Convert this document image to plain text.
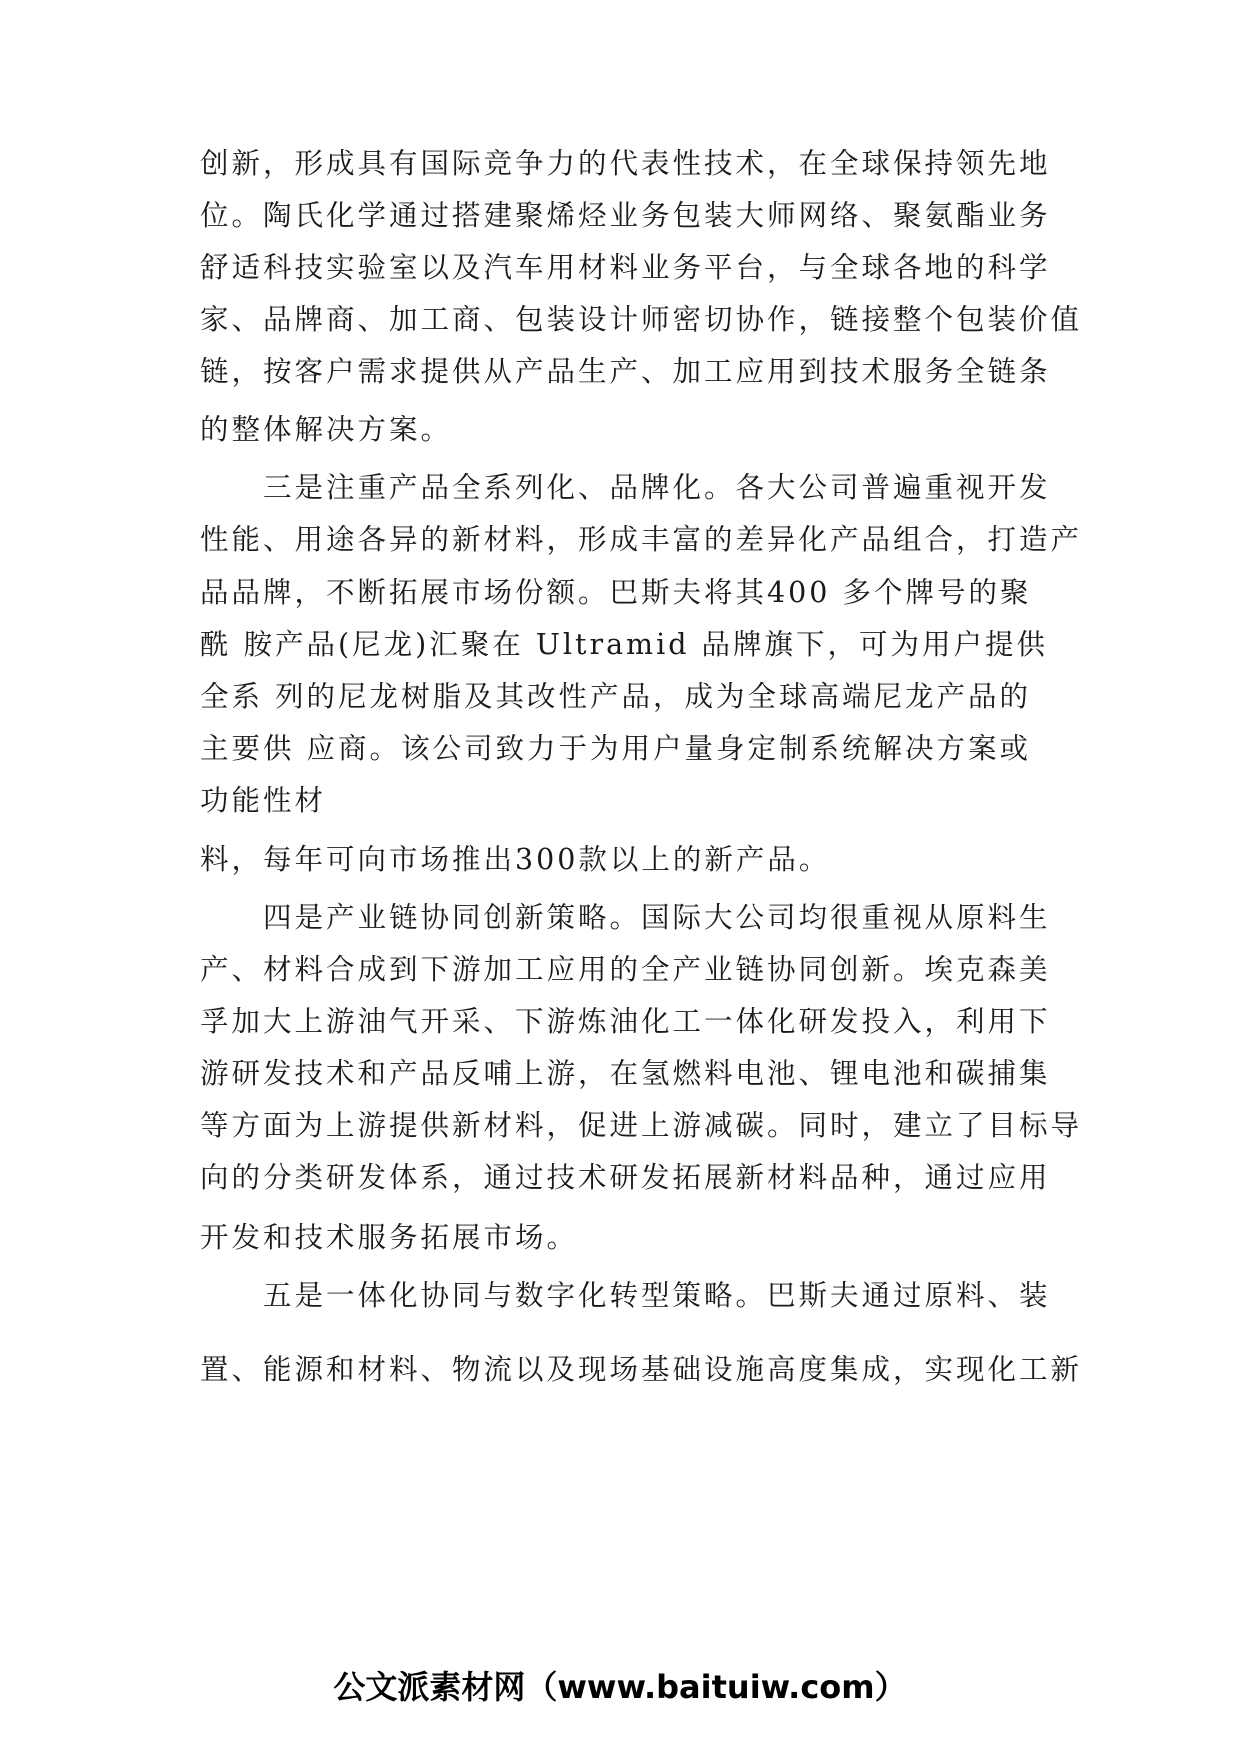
创新，形成具有国际竞争力的代表性技术，在全球保持领先地
位。陶氏化学通过搭建聚烯烃业务包装大师网络、聚氨酯业务
舒适科技实验室以及汽车用材料业务平台，与全球各地的科学
家、品牌商、加工商、包装设计师密切协作，链接整个包装价值
链，按客户需求提供从产品生产、加工应用到技术服务全链条
的整体解决方案。
　　三是注重产品全系列化、品牌化。各大公司普遍重视开发
性能、用途各异的新材料，形成丰富的差异化产品组合，打造产
品品牌，不断拓展市场份额。巴斯夫将其400 多个牌号的聚
酰 胺产品(尼龙)汇聚在 Ultramid 品牌旗下，可为用户提供
全系 列的尼龙树脂及其改性产品，成为全球高端尼龙产品的
主要供 应商。该公司致力于为用户量身定制系统解决方案或
功能性材
料，每年可向市场推出300款以上的新产品。
　　四是产业链协同创新策略。国际大公司均很重视从原料生
产、材料合成到下游加工应用的全产业链协同创新。埃克森美
孚加大上游油气开采、下游炼油化工一体化研发投入，利用下
游研发技术和产品反哺上游，在氢燃料电池、锂电池和碳捕集
等方面为上游提供新材料，促进上游减碳。同时，建立了目标导
向的分类研发体系，通过技术研发拓展新材料品种，通过应用
开发和技术服务拓展市场。
　　五是一体化协同与数字化转型策略。巴斯夫通过原料、装
置、能源和材料、物流以及现场基础设施高度集成，实现化工新
公文派素材网（www.baituiw.com）
